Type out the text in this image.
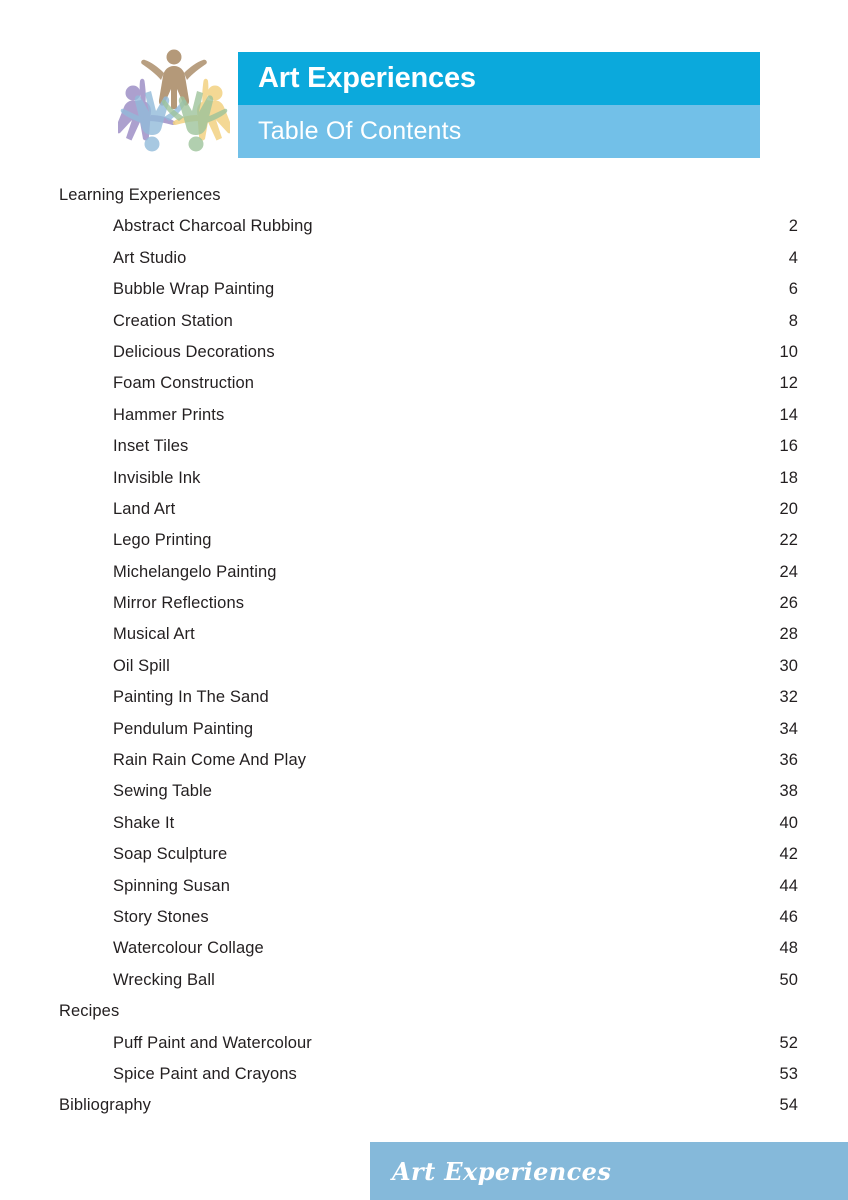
Art Experiences
Table Of Contents
Learning Experiences
Abstract Charcoal Rubbing	2
Art Studio	4
Bubble Wrap Painting	6
Creation Station	8
Delicious Decorations	10
Foam Construction	12
Hammer Prints	14
Inset Tiles	16
Invisible Ink	18
Land Art	20
Lego Printing	22
Michelangelo Painting	24
Mirror Reflections	26
Musical Art	28
Oil Spill	30
Painting In The Sand	32
Pendulum Painting	34
Rain Rain Come And Play	36
Sewing Table	38
Shake It	40
Soap Sculpture	42
Spinning Susan	44
Story Stones	46
Watercolour Collage	48
Wrecking Ball	50
Recipes
Puff Paint and Watercolour	52
Spice Paint and Crayons	53
Bibliography	54
Art Experiences
